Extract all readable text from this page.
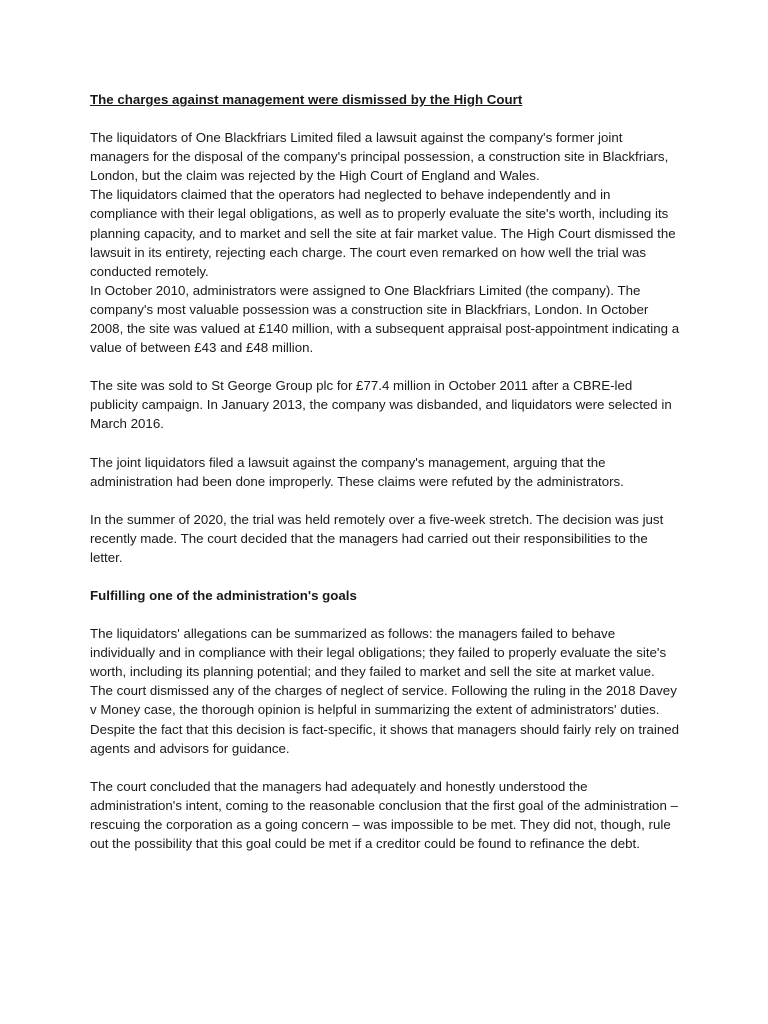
The charges against management were dismissed by the High Court

The liquidators of One Blackfriars Limited filed a lawsuit against the company's former joint managers for the disposal of the company's principal possession, a construction site in Blackfriars, London, but the claim was rejected by the High Court of England and Wales.

The liquidators claimed that the operators had neglected to behave independently and in compliance with their legal obligations, as well as to properly evaluate the site's worth, including its planning capacity, and to market and sell the site at fair market value. The High Court dismissed the lawsuit in its entirety, rejecting each charge. The court even remarked on how well the trial was conducted remotely.

In October 2010, administrators were assigned to One Blackfriars Limited (the company). The company's most valuable possession was a construction site in Blackfriars, London. In October 2008, the site was valued at £140 million, with a subsequent appraisal post-appointment indicating a value of between £43 and £48 million.

The site was sold to St George Group plc for £77.4 million in October 2011 after a CBRE-led publicity campaign. In January 2013, the company was disbanded, and liquidators were selected in March 2016.

The joint liquidators filed a lawsuit against the company's management, arguing that the administration had been done improperly. These claims were refuted by the administrators.

In the summer of 2020, the trial was held remotely over a five-week stretch. The decision was just recently made. The court decided that the managers had carried out their responsibilities to the letter.

Fulfilling one of the administration's goals

The liquidators' allegations can be summarized as follows: the managers failed to behave individually and in compliance with their legal obligations; they failed to properly evaluate the site's worth, including its planning potential; and they failed to market and sell the site at market value.

The court dismissed any of the charges of neglect of service. Following the ruling in the 2018 Davey v Money case, the thorough opinion is helpful in summarizing the extent of administrators' duties. Despite the fact that this decision is fact-specific, it shows that managers should fairly rely on trained agents and advisors for guidance.

The court concluded that the managers had adequately and honestly understood the administration's intent, coming to the reasonable conclusion that the first goal of the administration – rescuing the corporation as a going concern – was impossible to be met. They did not, though, rule out the possibility that this goal could be met if a creditor could be found to refinance the debt.
